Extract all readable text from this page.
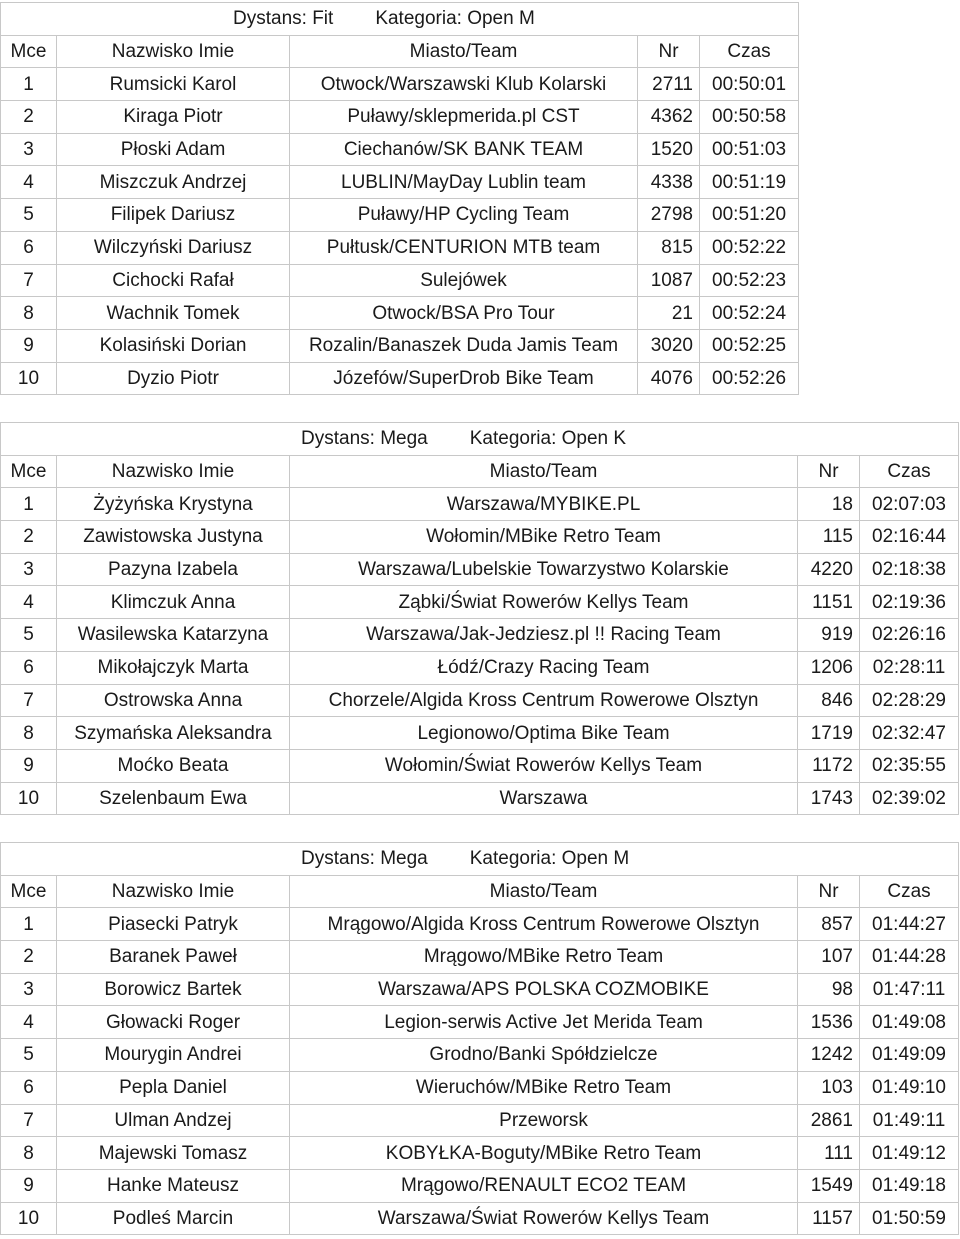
Dystans: Fit Kategoria: Open M				
Mce	Nazwisko Imie	Miasto/Team	Nr	Czas
1	Rumsicki Karol	Otwock/Warszawski Klub Kolarski	2711	00:50:01
2	Kiraga Piotr	Puławy/sklepmerida.pl CST	4362	00:50:58
3	Płoski Adam	Ciechanów/SK BANK TEAM	1520	00:51:03
4	Miszczuk Andrzej	LUBLIN/MayDay Lublin team	4338	00:51:19
5	Filipek Dariusz	Puławy/HP Cycling Team	2798	00:51:20
6	Wilczyński Dariusz	Pułtusk/CENTURION MTB team	815	00:52:22
7	Cichocki Rafał	Sulejówek	1087	00:52:23
8	Wachnik Tomek	Otwock/BSA Pro Tour	21	00:52:24
9	Kolasiński Dorian	Rozalin/Banaszek Duda Jamis Team	3020	00:52:25
10	Dyzio Piotr	Józefów/SuperDrob Bike Team	4076	00:52:26
Dystans: Mega Kategoria: Open K				
Mce	Nazwisko Imie	Miasto/Team	Nr	Czas
1	Żyżyńska Krystyna	Warszawa/MYBIKE.PL	18	02:07:03
2	Zawistowska Justyna	Wołomin/MBike Retro Team	115	02:16:44
3	Pazyna Izabela	Warszawa/Lubelskie Towarzystwo Kolarskie	4220	02:18:38
4	Klimczuk Anna	Ząbki/Świat Rowerów Kellys Team	1151	02:19:36
5	Wasilewska Katarzyna	Warszawa/Jak-Jedziesz.pl !! Racing Team	919	02:26:16
6	Mikołajczyk Marta	Łódź/Crazy Racing Team	1206	02:28:11
7	Ostrowska Anna	Chorzele/Algida Kross Centrum Rowerowe Olsztyn	846	02:28:29
8	Szymańska Aleksandra	Legionowo/Optima Bike Team	1719	02:32:47
9	Moćko Beata	Wołomin/Świat Rowerów Kellys Team	1172	02:35:55
10	Szelenbaum Ewa	Warszawa	1743	02:39:02
Dystans: Mega Kategoria: Open M				
Mce	Nazwisko Imie	Miasto/Team	Nr	Czas
1	Piasecki Patryk	Mrągowo/Algida Kross Centrum Rowerowe Olsztyn	857	01:44:27
2	Baranek Paweł	Mrągowo/MBike Retro Team	107	01:44:28
3	Borowicz Bartek	Warszawa/APS POLSKA COZMOBIKE	98	01:47:11
4	Głowacki Roger	Legion-serwis Active Jet Merida Team	1536	01:49:08
5	Mourygin Andrei	Grodno/Banki Spółdzielcze	1242	01:49:09
6	Pepla Daniel	Wieruchów/MBike Retro Team	103	01:49:10
7	Ulman Andzej	Przeworsk	2861	01:49:11
8	Majewski Tomasz	KOBYŁKA-Boguty/MBike Retro Team	111	01:49:12
9	Hanke Mateusz	Mrągowo/RENAULT ECO2 TEAM	1549	01:49:18
10	Podleś Marcin	Warszawa/Świat Rowerów Kellys Team	1157	01:50:59
